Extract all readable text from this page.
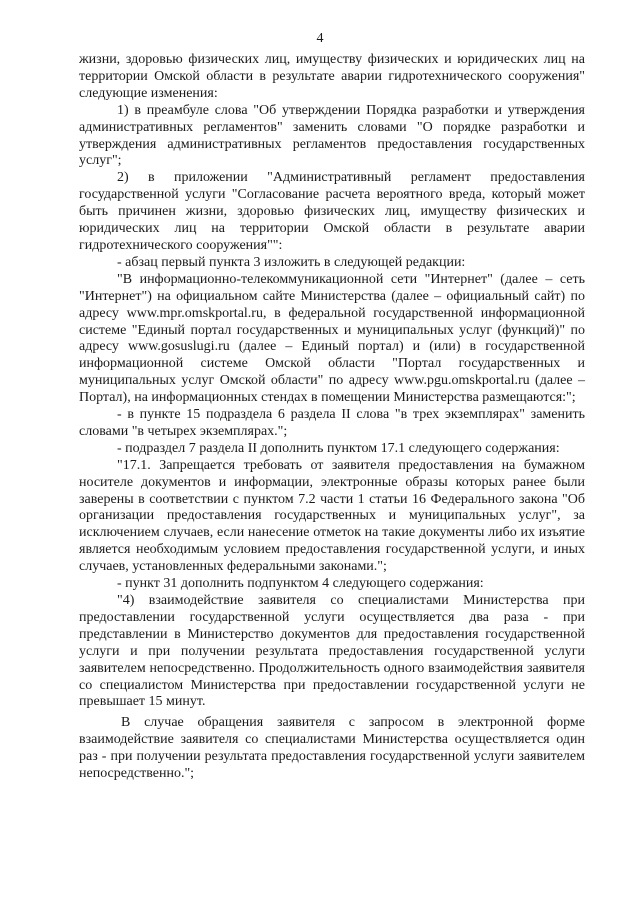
4

жизни, здоровью физических лиц, имуществу физических и юридических лиц на территории Омской области в результате аварии гидротехнического сооружения" следующие изменения:

1) в преамбуле слова "Об утверждении Порядка разработки и утверждения административных регламентов" заменить словами "О порядке разработки и утверждения административных регламентов предоставления государственных услуг";

2) в приложении "Административный регламент предоставления государственной услуги "Согласование расчета вероятного вреда, который может быть причинен жизни, здоровью физических лиц, имуществу физических и юридических лиц на территории Омской области в результате аварии гидротехнического сооружения"":

- абзац первый пункта 3 изложить в следующей редакции:

"В информационно-телекоммуникационной сети "Интернет" (далее – сеть "Интернет") на официальном сайте Министерства (далее – официальный сайт) по адресу www.mpr.omskportal.ru, в федеральной государственной информационной системе "Единый портал государственных и муниципальных услуг (функций)" по адресу www.gosuslugi.ru (далее – Единый портал) и (или) в государственной информационной системе Омской области "Портал государственных и муниципальных услуг Омской области" по адресу www.pgu.omskportal.ru (далее – Портал), на информационных стендах в помещении Министерства размещаются:";

- в пункте 15 подраздела 6 раздела II слова "в трех экземплярах" заменить словами "в четырех экземплярах.";

- подраздел 7 раздела II дополнить пунктом 17.1 следующего содержания:

"17.1. Запрещается требовать от заявителя предоставления на бумажном носителе документов и информации, электронные образы которых ранее были заверены в соответствии с пунктом 7.2 части 1 статьи 16 Федерального закона "Об организации предоставления государственных и муниципальных услуг", за исключением случаев, если нанесение отметок на такие документы либо их изъятие является необходимым условием предоставления государственной услуги, и иных случаев, установленных федеральными законами.";

- пункт 31 дополнить подпунктом 4 следующего содержания:

"4) взаимодействие заявителя со специалистами Министерства при предоставлении государственной услуги осуществляется два раза - при представлении в Министерство документов для предоставления государственной услуги и при получении результата предоставления государственной услуги заявителем непосредственно. Продолжительность одного взаимодействия заявителя со специалистом Министерства при предоставлении государственной услуги не превышает 15 минут.

В случае обращения заявителя с запросом в электронной форме взаимодействие заявителя со специалистами Министерства осуществляется один раз - при получении результата предоставления государственной услуги заявителем непосредственно.";
